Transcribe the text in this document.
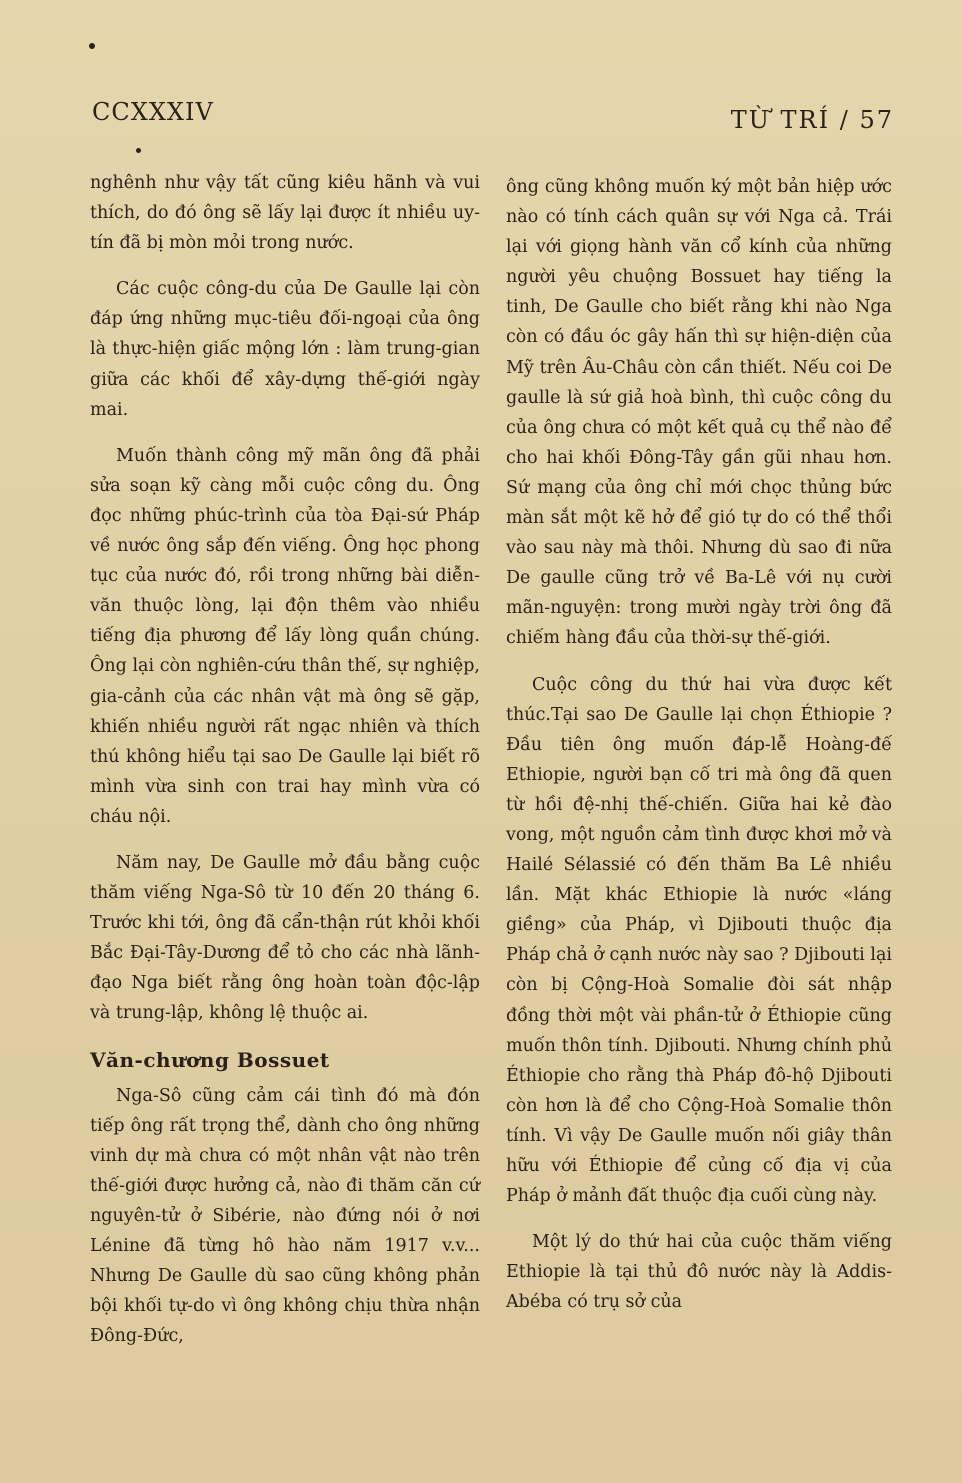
CCXXXIV	TỪ TRÍ / 57

nghênh như vậy tất cũng kiêu hãnh và vui thích, do đó ông sẽ lấy lại được ít nhiều uy-tín đã bị mòn mỏi trong nước.

Các cuộc công-du của De Gaulle lại còn đáp ứng những mục-tiêu đối-ngoại của ông là thực-hiện giấc mộng lớn : làm trung-gian giữa các khối để xây-dựng thế-giới ngày mai.

Muốn thành công mỹ mãn ông đã phải sửa soạn kỹ càng mỗi cuộc công du. Ông đọc những phúc-trình của tòa Đại-sứ Pháp về nước ông sắp đến viếng. Ông học phong tục của nước đó, rồi trong những bài diễn-văn thuộc lòng, lại độn thêm vào nhiều tiếng địa phương để lấy lòng quần chúng. Ông lại còn nghiên-cứu thân thế, sự nghiệp, gia-cảnh của các nhân vật mà ông sẽ gặp, khiến nhiều người rất ngạc nhiên và thích thú không hiểu tại sao De Gaulle lại biết rõ mình vừa sinh con trai hay mình vừa có cháu nội.

Năm nay, De Gaulle mở đầu bằng cuộc thăm viếng Nga-Sô từ 10 đến 20 tháng 6. Trước khi tới, ông đã cẩn-thận rút khỏi khối Bắc Đại-Tây-Dương để tỏ cho các nhà lãnh-đạo Nga biết rằng ông hoàn toàn độc-lập và trung-lập, không lệ thuộc ai.

Văn-chương Bossuet

Nga-Sô cũng cảm cái tình đó mà đón tiếp ông rất trọng thể, dành cho ông những vinh dự mà chưa có một nhân vật nào trên thế-giới được hưởng cả, nào đi thăm căn cứ nguyên-tử ở Sibérie, nào đứng nói ở nơi Lénine đã từng hô hào năm 1917 v.v... Nhưng De Gaulle dù sao cũng không phản bội khối tự-do vì ông không chịu thừa nhận Đông-Đức,

ông cũng không muốn ký một bản hiệp ước nào có tính cách quân sự với Nga cả. Trái lại với giọng hành văn cổ kính của những người yêu chuộng Bossuet hay tiếng la tinh, De Gaulle cho biết rằng khi nào Nga còn có đầu óc gây hấn thì sự hiện-diện của Mỹ trên Âu-Châu còn cần thiết. Nếu coi De gaulle là sứ giả hoà bình, thì cuộc công du của ông chưa có một kết quả cụ thể nào để cho hai khối Đông-Tây gần gũi nhau hơn. Sứ mạng của ông chỉ mới chọc thủng bức màn sắt một kẽ hở để gió tự do có thể thổi vào sau này mà thôi. Nhưng dù sao đi nữa De gaulle cũng trở về Ba-Lê với nụ cười mãn-nguyện: trong mười ngày trời ông đã chiếm hàng đầu của thời-sự thế-giới.

Cuộc công du thứ hai vừa được kết thúc.Tại sao De Gaulle lại chọn Éthiopie ? Đầu tiên ông muốn đáp-lễ Hoàng-đế Ethiopie, người bạn cố tri mà ông đã quen từ hồi đệ-nhị thế-chiến. Giữa hai kẻ đào vong, một nguồn cảm tình được khơi mở và Hailé Sélassié có đến thăm Ba Lê nhiều lần. Mặt khác Ethiopie là nước «láng giềng» của Pháp, vì Djibouti thuộc địa Pháp chả ở cạnh nước này sao ? Djibouti lại còn bị Cộng-Hoà Somalie đòi sát nhập đồng thời một vài phần-tử ở Éthiopie cũng muốn thôn tính. Djibouti. Nhưng chính phủ Éthiopie cho rằng thà Pháp đô-hộ Djibouti còn hơn là để cho Cộng-Hoà Somalie thôn tính. Vì vậy De Gaulle muốn nối giây thân hữu với Éthiopie để củng cố địa vị của Pháp ở mảnh đất thuộc địa cuối cùng này.

Một lý do thứ hai của cuộc thăm viếng Ethiopie là tại thủ đô nước này là Addis-Abéba có trụ sở của
